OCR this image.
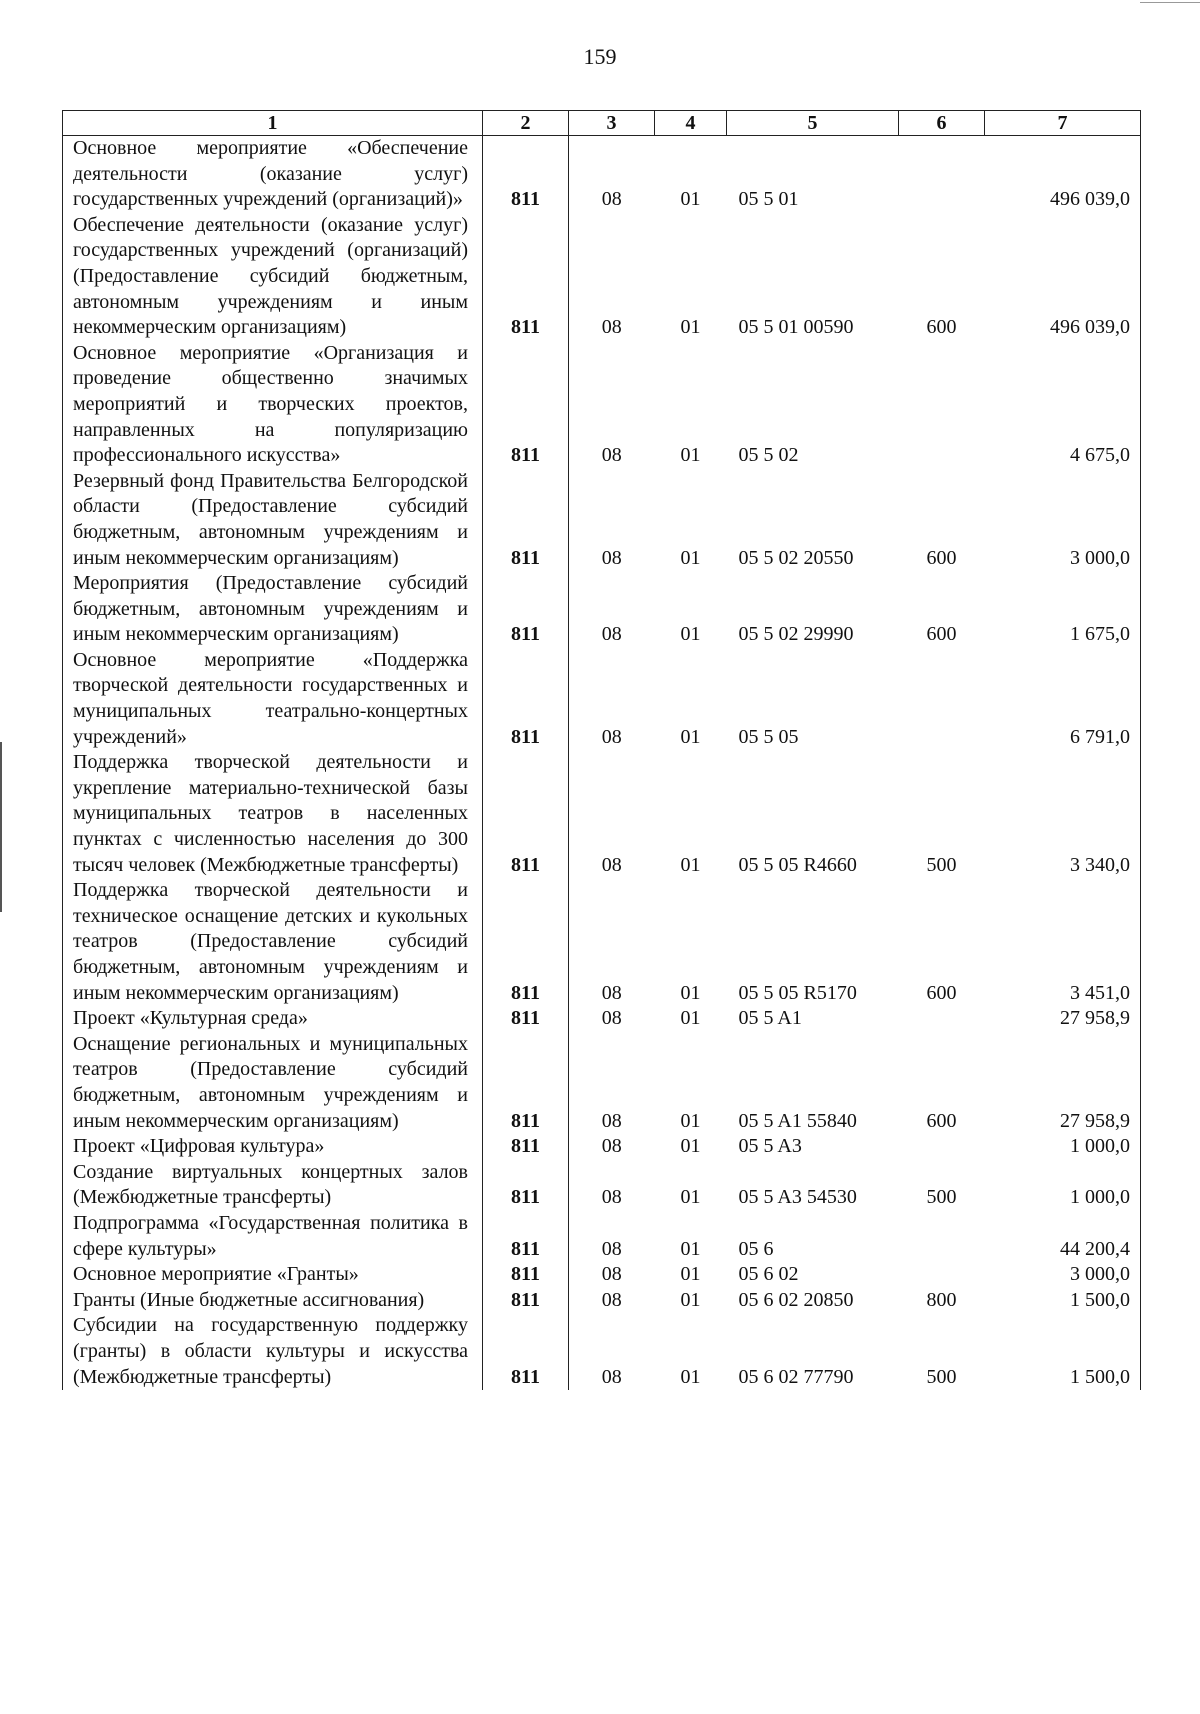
159
1	2	3	4	5	6	7
Основное мероприятие «Обеспечение деятельности (оказание услуг) государственных учреждений (организаций)»	811	08	01	05 5 01		496 039,0
Обеспечение деятельности (оказание услуг) государственных учреждений (организаций) (Предоставление субсидий бюджетным, автономным учреждениям и иным некоммерческим организациям)	811	08	01	05 5 01 00590	600	496 039,0
Основное мероприятие «Организация и проведение общественно значимых мероприятий и творческих проектов, направленных на популяризацию профессионального искусства»	811	08	01	05 5 02		4 675,0
Резервный фонд Правительства Белгородской области (Предоставление субсидий бюджетным, автономным учреждениям и иным некоммерческим организациям)	811	08	01	05 5 02 20550	600	3 000,0
Мероприятия (Предоставление субсидий бюджетным, автономным учреждениям и иным некоммерческим организациям)	811	08	01	05 5 02 29990	600	1 675,0
Основное мероприятие «Поддержка творческой деятельности государственных и муниципальных театрально-концертных учреждений»	811	08	01	05 5 05		6 791,0
Поддержка творческой деятельности и укрепление материально-технической базы муниципальных театров в населенных пунктах с численностью населения до 300 тысяч человек (Межбюджетные трансферты)	811	08	01	05 5 05 R4660	500	3 340,0
Поддержка творческой деятельности и техническое оснащение детских и кукольных театров (Предоставление субсидий бюджетным, автономным учреждениям и иным некоммерческим организациям)	811	08	01	05 5 05 R5170	600	3 451,0
Проект «Культурная среда»	811	08	01	05 5 A1		27 958,9
Оснащение региональных и муниципальных театров (Предоставление субсидий бюджетным, автономным учреждениям и иным некоммерческим организациям)	811	08	01	05 5 A1 55840	600	27 958,9
Проект «Цифровая культура»	811	08	01	05 5 A3		1 000,0
Создание виртуальных концертных залов (Межбюджетные трансферты)	811	08	01	05 5 A3 54530	500	1 000,0
Подпрограмма «Государственная политика в сфере культуры»	811	08	01	05 6		44 200,4
Основное мероприятие «Гранты»	811	08	01	05 6 02		3 000,0
Гранты (Иные бюджетные ассигнования)	811	08	01	05 6 02 20850	800	1 500,0
Субсидии на государственную поддержку (гранты) в области культуры и искусства (Межбюджетные трансферты)	811	08	01	05 6 02 77790	500	1 500,0
